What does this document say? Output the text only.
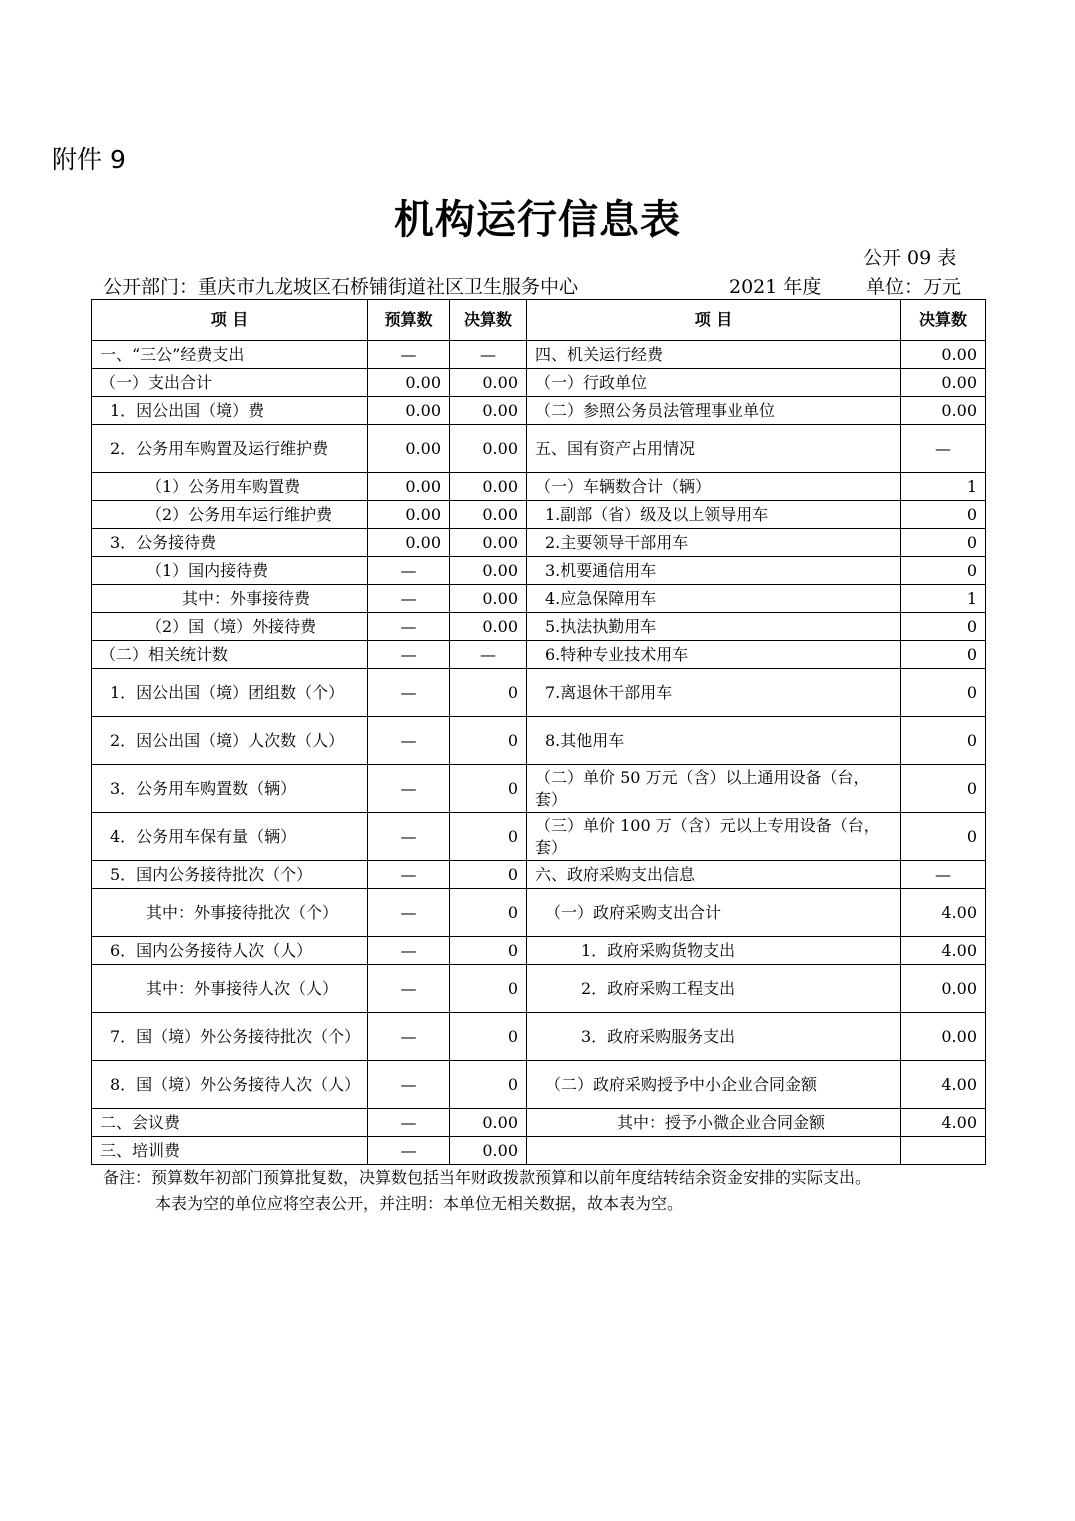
附件 9
机构运行信息表
公开 09 表
公开部门：重庆市九龙坡区石桥铺街道社区卫生服务中心	2021 年度 单位：万元
项 目	预算数	决算数	项 目	决算数
一、“三公”经费支出	—	—	四、机关运行经费	0.00
（一）支出合计	0.00	0.00	（一）行政单位	0.00
1．因公出国（境）费	0.00	0.00	（二）参照公务员法管理事业单位	0.00
2．公务用车购置及运行维护费	0.00	0.00	五、国有资产占用情况	—
（1）公务用车购置费	0.00	0.00	（一）车辆数合计（辆）	1
（2）公务用车运行维护费	0.00	0.00	1.副部（省）级及以上领导用车	0
3．公务接待费	0.00	0.00	2.主要领导干部用车	0
（1）国内接待费	—	0.00	3.机要通信用车	0
其中：外事接待费	—	0.00	4.应急保障用车	1
（2）国（境）外接待费	—	0.00	5.执法执勤用车	0
（二）相关统计数	—	—	6.特种专业技术用车	0
1．因公出国（境）团组数（个）	—	0	7.离退休干部用车	0
2．因公出国（境）人次数（人）	—	0	8.其他用车	0
3．公务用车购置数（辆）	—	0	（二）单价 50 万元（含）以上通用设备（台，套）	0
4．公务用车保有量（辆）	—	0	（三）单价 100 万（含）元以上专用设备（台，套）	0
5．国内公务接待批次（个）	—	0	六、政府采购支出信息	—
其中：外事接待批次（个）	—	0	（一）政府采购支出合计	4.00
6．国内公务接待人次（人）	—	0	1．政府采购货物支出	4.00
其中：外事接待人次（人）	—	0	2．政府采购工程支出	0.00
7．国（境）外公务接待批次（个）	—	0	3．政府采购服务支出	0.00
8．国（境）外公务接待人次（人）	—	0	（二）政府采购授予中小企业合同金额	4.00
二、会议费	—	0.00	其中：授予小微企业合同金额	4.00
三、培训费	—	0.00		
备注：预算数年初部门预算批复数，决算数包括当年财政拨款预算和以前年度结转结余资金安排的实际支出。
本表为空的单位应将空表公开，并注明：本单位无相关数据，故本表为空。
